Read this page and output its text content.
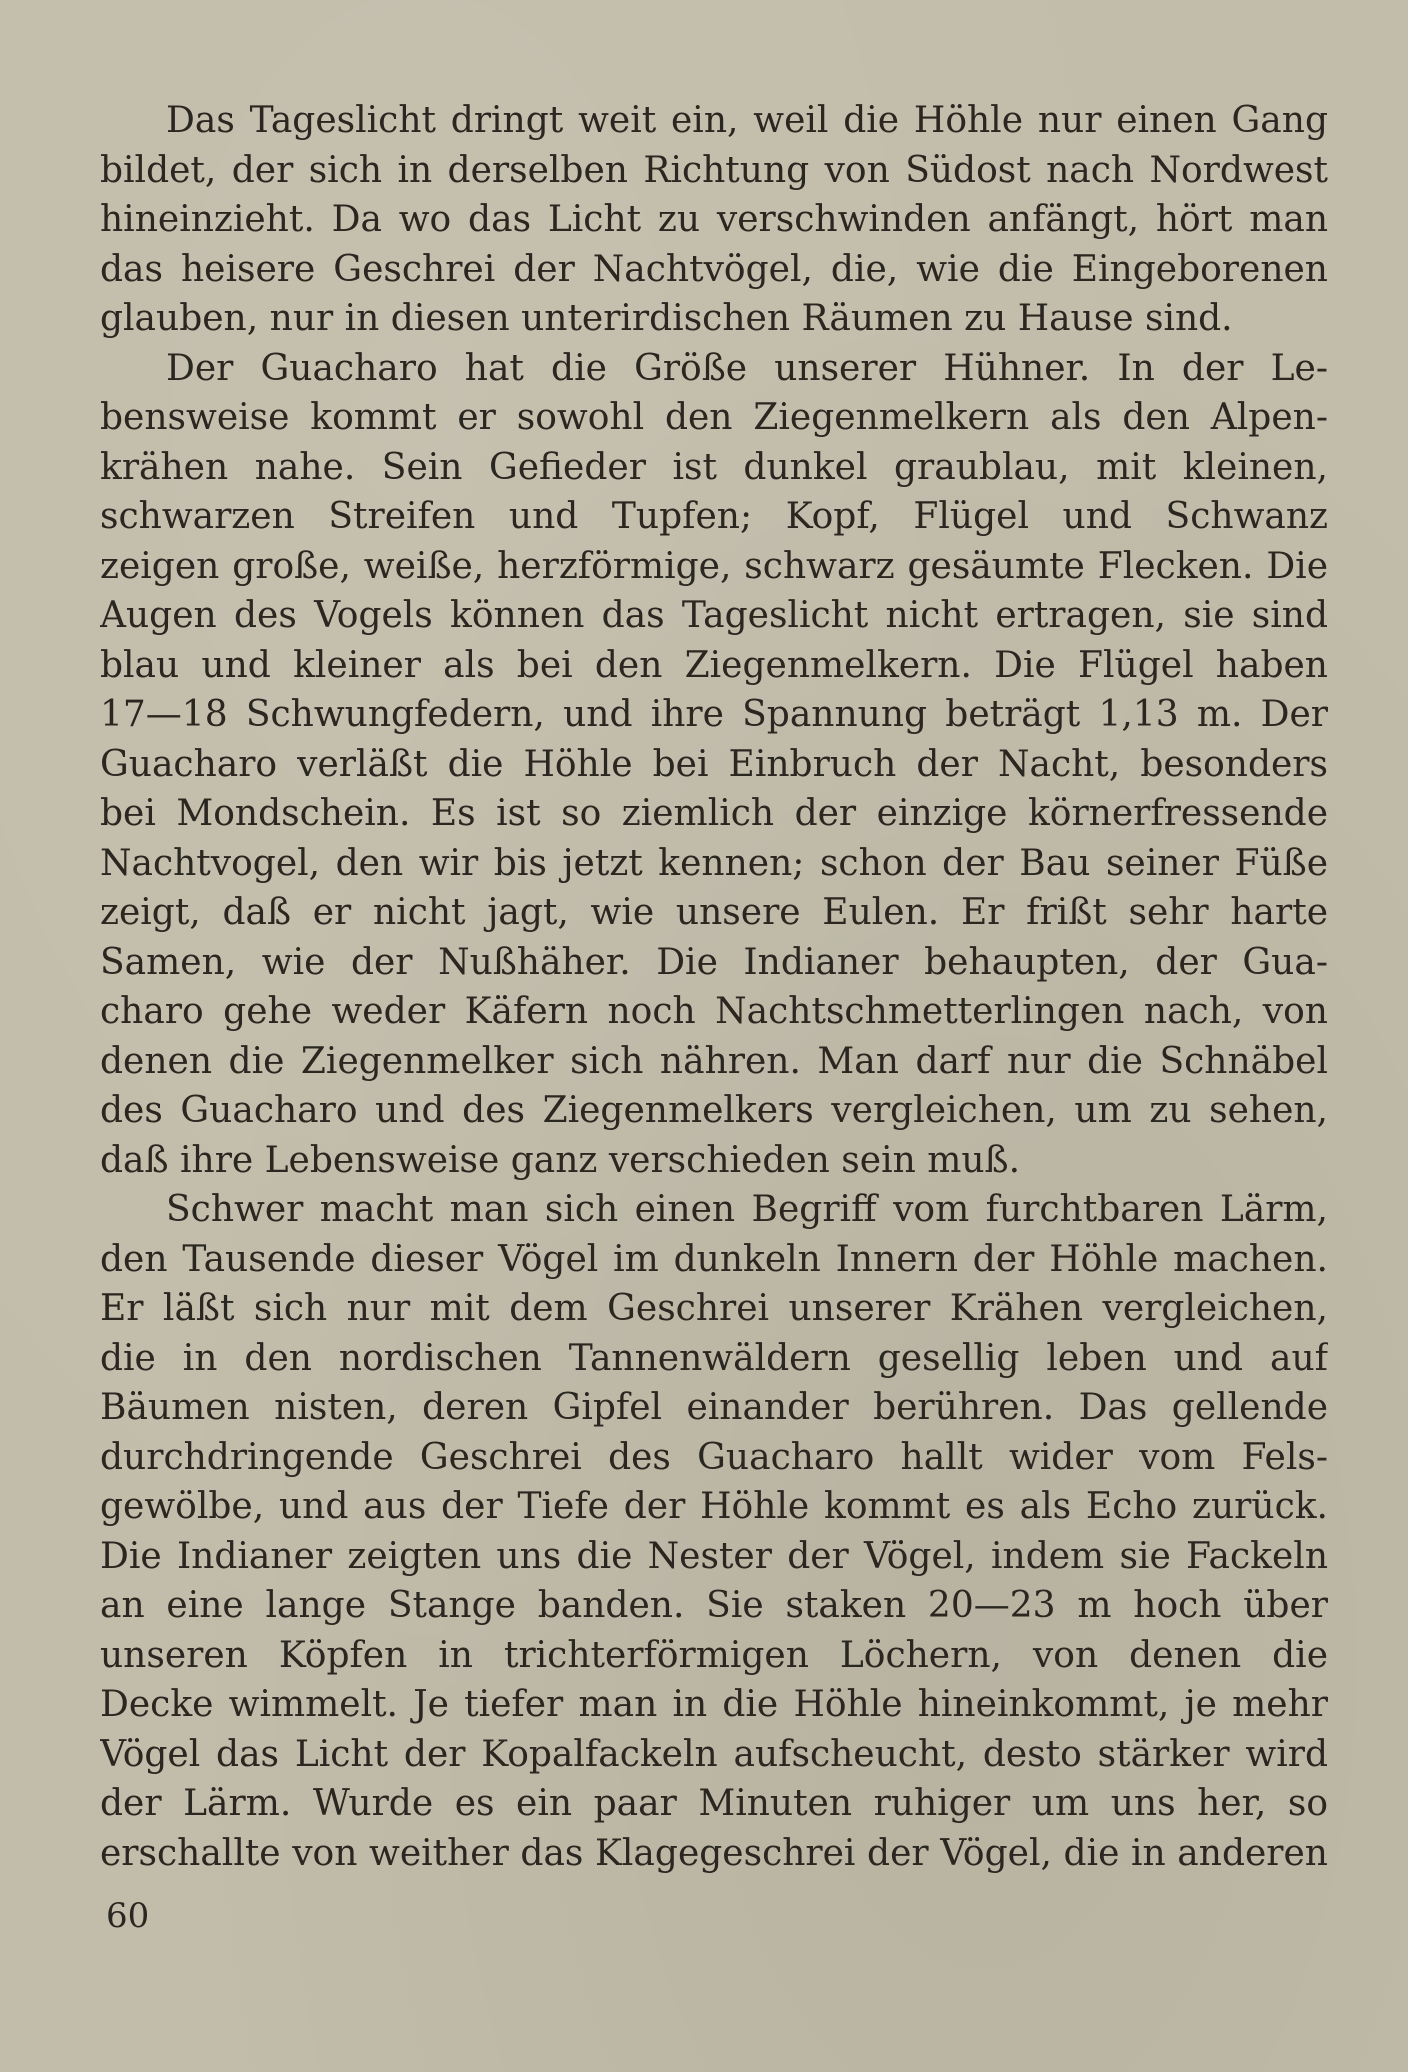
Das Tageslicht dringt weit ein, weil die Höhle nur einen Gang
bildet, der sich in derselben Richtung von Südost nach Nordwest
hineinzieht. Da wo das Licht zu verschwinden anfängt, hört man
das heisere Geschrei der Nachtvögel, die, wie die Eingeborenen
glauben, nur in diesen unterirdischen Räumen zu Hause sind.
Der Guacharo hat die Größe unserer Hühner. In der Le-
bensweise kommt er sowohl den Ziegenmelkern als den Alpen-
krähen nahe. Sein Gefieder ist dunkel graublau, mit kleinen,
schwarzen Streifen und Tupfen; Kopf, Flügel und Schwanz
zeigen große, weiße, herzförmige, schwarz gesäumte Flecken. Die
Augen des Vogels können das Tageslicht nicht ertragen, sie sind
blau und kleiner als bei den Ziegenmelkern. Die Flügel haben
17—18 Schwungfedern, und ihre Spannung beträgt 1,13 m. Der
Guacharo verläßt die Höhle bei Einbruch der Nacht, besonders
bei Mondschein. Es ist so ziemlich der einzige körnerfressende
Nachtvogel, den wir bis jetzt kennen; schon der Bau seiner Füße
zeigt, daß er nicht jagt, wie unsere Eulen. Er frißt sehr harte
Samen, wie der Nußhäher. Die Indianer behaupten, der Gua-
charo gehe weder Käfern noch Nachtschmetterlingen nach, von
denen die Ziegenmelker sich nähren. Man darf nur die Schnäbel
des Guacharo und des Ziegenmelkers vergleichen, um zu sehen,
daß ihre Lebensweise ganz verschieden sein muß.
Schwer macht man sich einen Begriff vom furchtbaren Lärm,
den Tausende dieser Vögel im dunkeln Innern der Höhle machen.
Er läßt sich nur mit dem Geschrei unserer Krähen vergleichen,
die in den nordischen Tannenwäldern gesellig leben und auf
Bäumen nisten, deren Gipfel einander berühren. Das gellende
durchdringende Geschrei des Guacharo hallt wider vom Fels-
gewölbe, und aus der Tiefe der Höhle kommt es als Echo zurück.
Die Indianer zeigten uns die Nester der Vögel, indem sie Fackeln
an eine lange Stange banden. Sie staken 20—23 m hoch über
unseren Köpfen in trichterförmigen Löchern, von denen die
Decke wimmelt. Je tiefer man in die Höhle hineinkommt, je mehr
Vögel das Licht der Kopalfackeln aufscheucht, desto stärker wird
der Lärm. Wurde es ein paar Minuten ruhiger um uns her, so
erschallte von weither das Klagegeschrei der Vögel, die in anderen
60
